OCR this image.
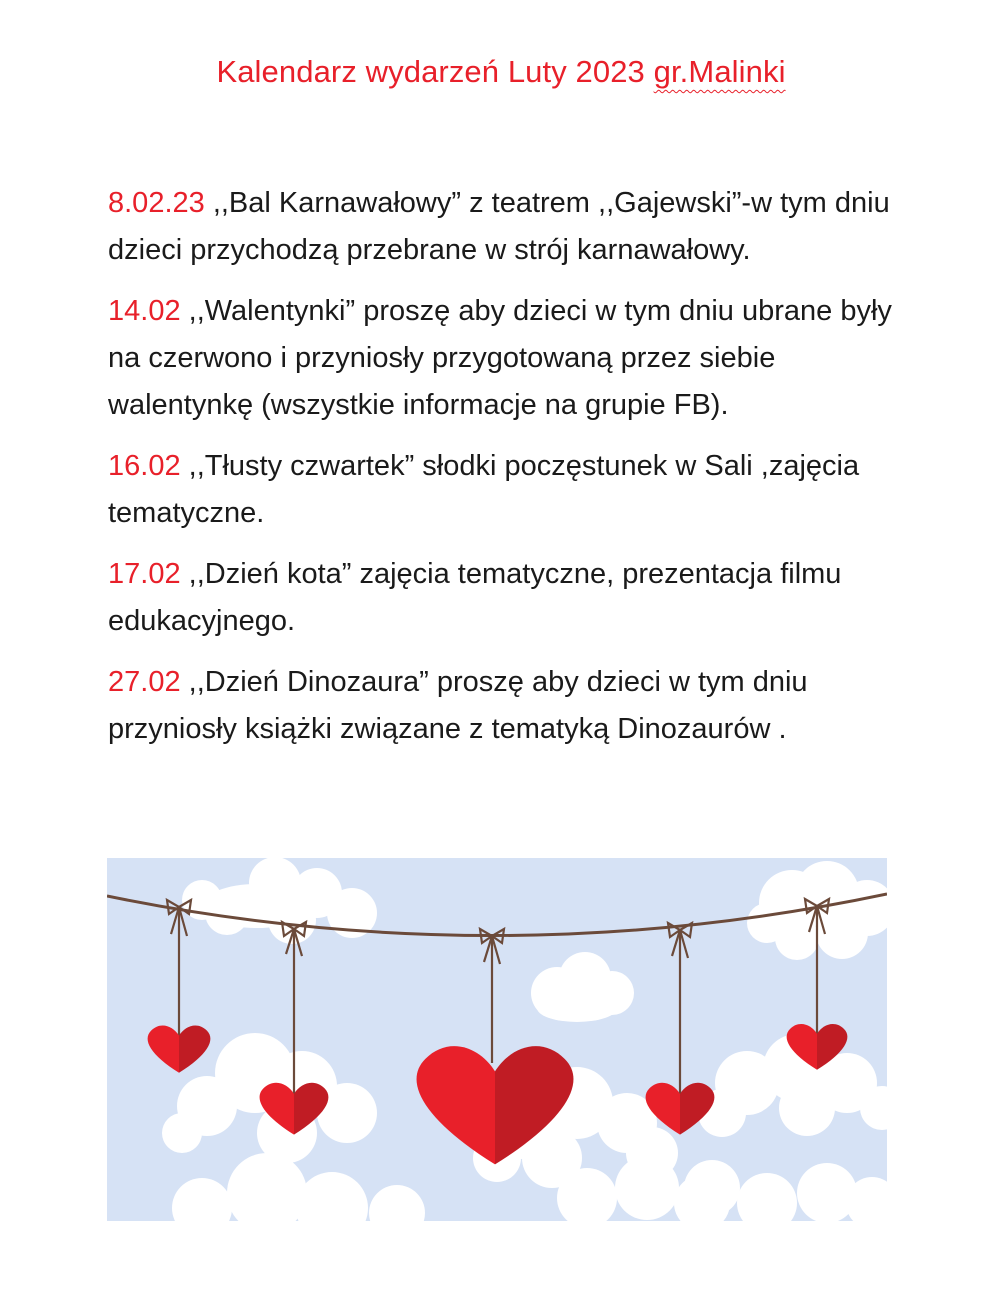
Kalendarz wydarzeń Luty 2023 gr.Malinki

8.02.23 ,,Bal Karnawałowy” z teatrem ,,Gajewski”-w tym dniu dzieci przychodzą przebrane w strój karnawałowy.

14.02 ,,Walentynki” proszę aby dzieci w tym dniu ubrane były na czerwono i przyniosły przygotowaną przez siebie walentynkę (wszystkie informacje na grupie FB).

16.02 ,,Tłusty czwartek” słodki poczęstunek w Sali ,zajęcia tematyczne.

17.02 ,,Dzień kota” zajęcia tematyczne, prezentacja filmu edukacyjnego.

27.02 ,,Dzień Dinozaura” proszę aby dzieci w tym dniu przyniosły książki związane z tematyką Dinozaurów .
